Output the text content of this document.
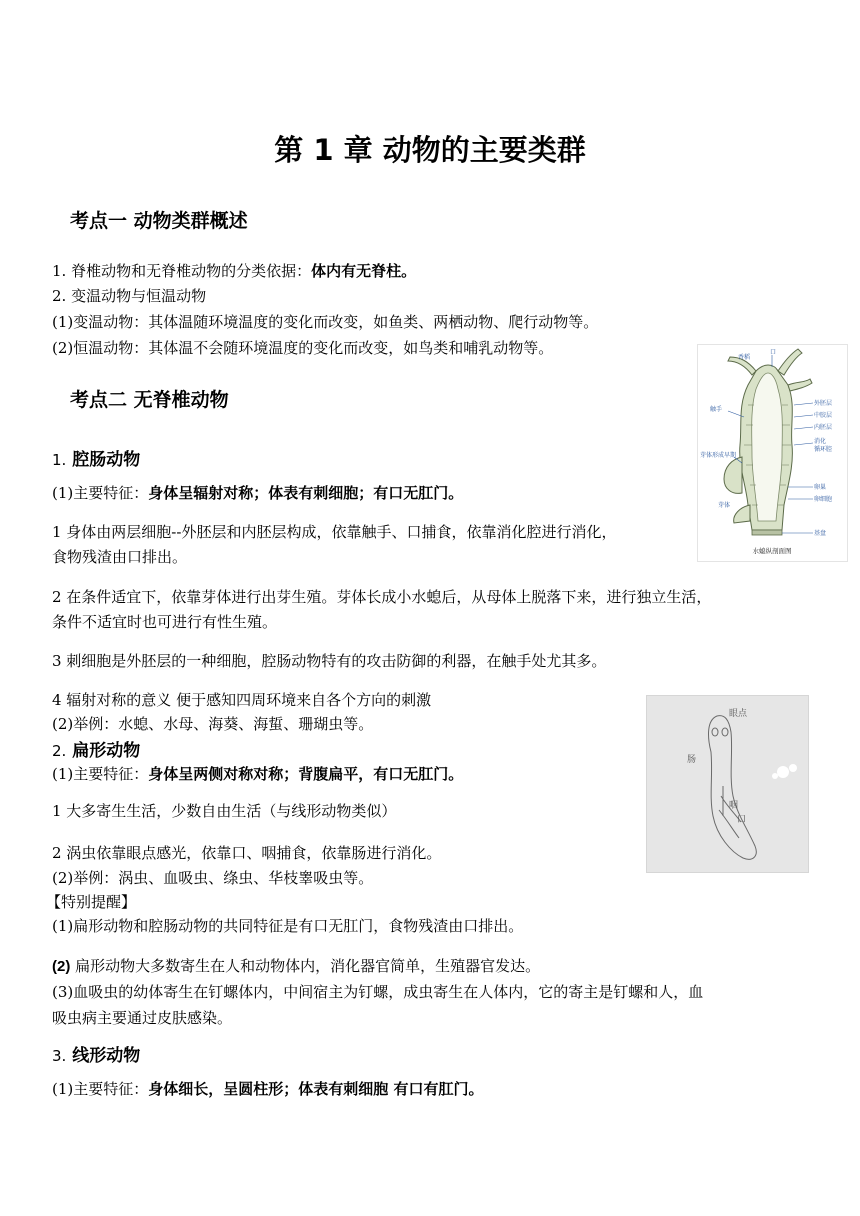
第 1 章 动物的主要类群
考点一 动物类群概述
1. 脊椎动物和无脊椎动物的分类依据：体内有无脊柱。
2. 变温动物与恒温动物
(1)变温动物：其体温随环境温度的变化而改变，如鱼类、两栖动物、爬行动物等。
(2)恒温动物：其体温不会随环境温度的变化而改变，如鸟类和哺乳动物等。
考点二 无脊椎动物
1. 腔肠动物
(1)主要特征：身体呈辐射对称；体表有刺细胞；有口无肛门。
1 身体由两层细胞--外胚层和内胚层构成，依靠触手、口捕食，依靠消化腔进行消化，
食物残渣由口排出。
2 在条件适宜下，依靠芽体进行出芽生殖。芽体长成小水螅后，从母体上脱落下来，进行独立生活，
条件不适宜时也可进行有性生殖。
3 刺细胞是外胚层的一种细胞，腔肠动物特有的攻击防御的利器，在触手处尤其多。
4 辐射对称的意义 便于感知四周环境来自各个方向的刺激
(2)举例：水螅、水母、海葵、海蜇、珊瑚虫等。
2. 扁形动物
(1)主要特征：身体呈两侧对称对称；背腹扁平，有口无肛门。
1 大多寄生生活，少数自由生活（与线形动物类似）
2 涡虫依靠眼点感光，依靠口、咽捕食，依靠肠进行消化。
(2)举例：涡虫、血吸虫、绦虫、华枝睾吸虫等。
【特别提醒】
(1)扁形动物和腔肠动物的共同特征是有口无肛门，食物残渣由口排出。
(2) 扁形动物大多数寄生在人和动物体内，消化器官简单，生殖器官发达。
(3)血吸虫的幼体寄生在钉螺体内，中间宿主为钉螺，成虫寄生在人体内，它的寄主是钉螺和人，血
吸虫病主要通过皮肤感染。
3. 线形动物
(1)主要特征：身体细长，呈圆柱形；体表有刺细胞 有口有肛门。
香稻
口
外胚层
中胶层
内胚层
消化
循环腔
触手
芽体形成早期
卵巢
卵细胞
芽体
基盘
水螅纵剖面图
眼点
肠
咽
口
